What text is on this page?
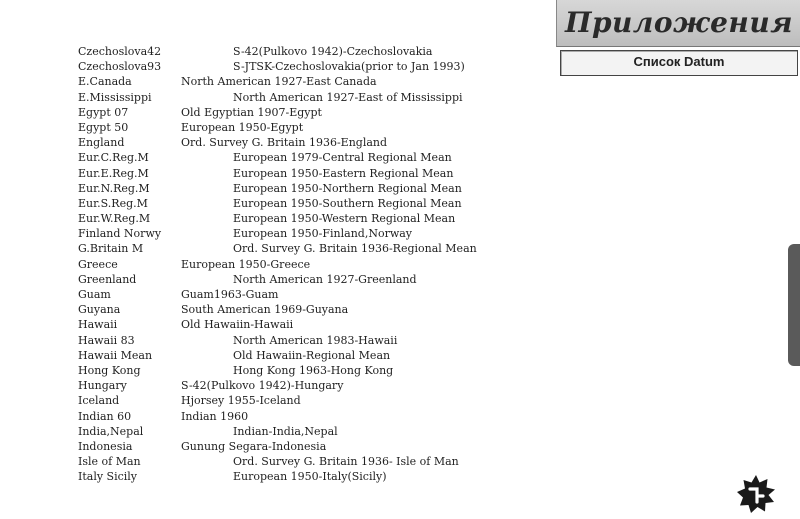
Приложения
Список Datum
Czechoslova42	S-42(Pulkovo 1942)-Czechoslovakia
Czechoslova93	S-JTSK-Czechoslovakia(prior to Jan 1993)
E.Canada	North American 1927-East Canada
E.Mississippi	North American 1927-East of Mississippi
Egypt 07	Old Egyptian 1907-Egypt
Egypt 50	European 1950-Egypt
England	Ord. Survey G. Britain 1936-England
Eur.C.Reg.M	European 1979-Central Regional Mean
Eur.E.Reg.M	European 1950-Eastern Regional Mean
Eur.N.Reg.M	European 1950-Northern Regional Mean
Eur.S.Reg.M	European 1950-Southern Regional Mean
Eur.W.Reg.M	European 1950-Western Regional Mean
Finland Norwy	European 1950-Finland,Norway
G.Britain M	Ord. Survey G. Britain 1936-Regional Mean
Greece	European 1950-Greece
Greenland	North American 1927-Greenland
Guam	Guam1963-Guam
Guyana	South American 1969-Guyana
Hawaii	Old Hawaiin-Hawaii
Hawaii 83	North American 1983-Hawaii
Hawaii Mean	Old Hawaiin-Regional Mean
Hong Kong	Hong Kong 1963-Hong Kong
Hungary	S-42(Pulkovo 1942)-Hungary
Iceland	Hjorsey 1955-Iceland
Indian 60	Indian 1960
India,Nepal	Indian-India,Nepal
Indonesia	Gunung Segara-Indonesia
Isle of Man	Ord. Survey G. Britain 1936- Isle of Man
Italy Sicily	European 1950-Italy(Sicily)
